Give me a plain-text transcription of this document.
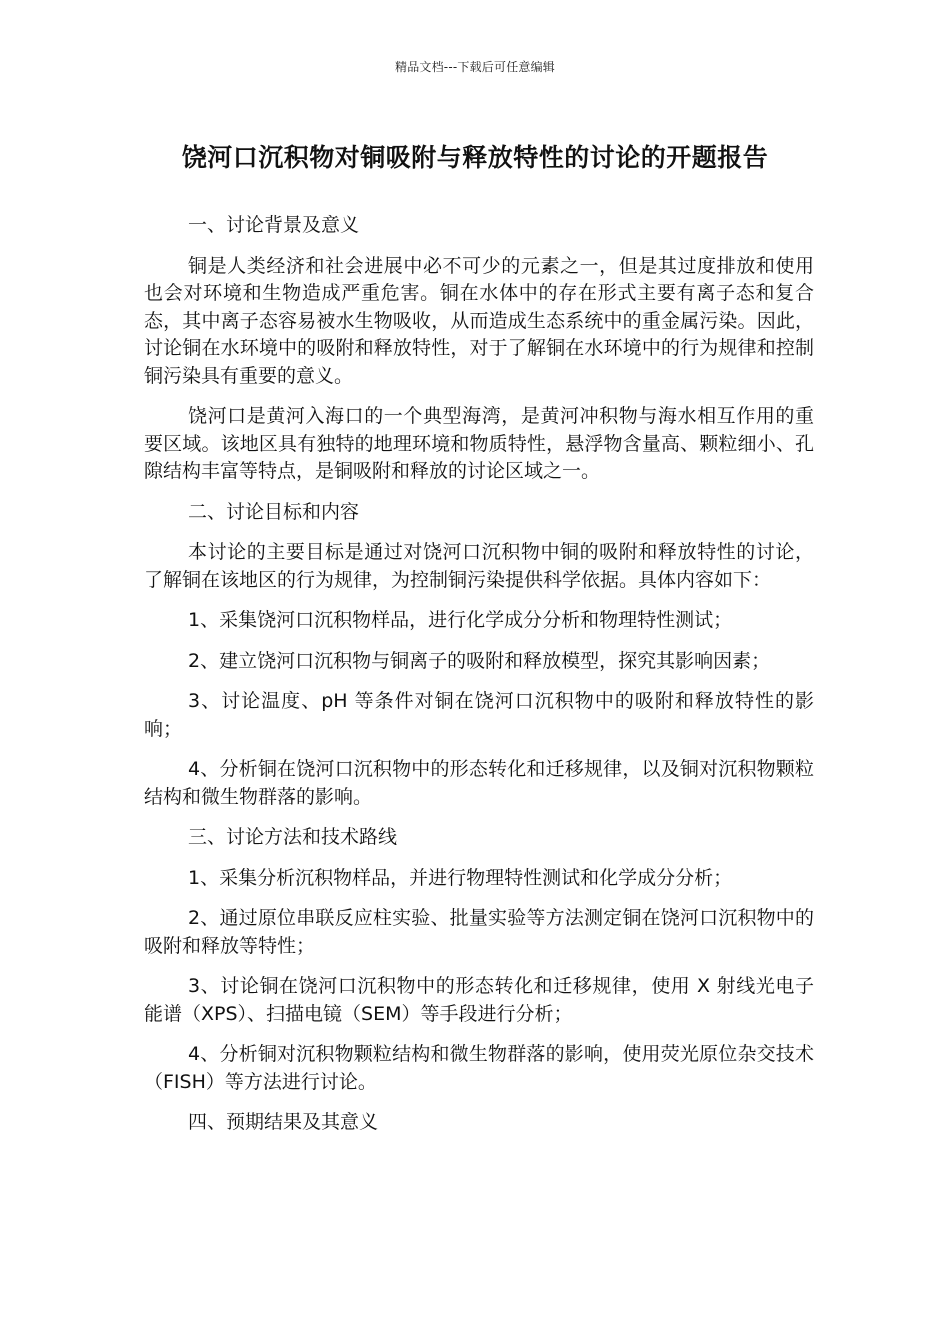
精品文档---下载后可任意编辑
饶河口沉积物对铜吸附与释放特性的讨论的开题报告

一、讨论背景及意义

铜是人类经济和社会进展中必不可少的元素之一，但是其过度排放和使用也会对环境和生物造成严重危害。铜在水体中的存在形式主要有离子态和复合态，其中离子态容易被水生物吸收，从而造成生态系统中的重金属污染。因此，讨论铜在水环境中的吸附和释放特性，对于了解铜在水环境中的行为规律和控制铜污染具有重要的意义。

饶河口是黄河入海口的一个典型海湾，是黄河冲积物与海水相互作用的重要区域。该地区具有独特的地理环境和物质特性，悬浮物含量高、颗粒细小、孔隙结构丰富等特点，是铜吸附和释放的讨论区域之一。

二、讨论目标和内容

本讨论的主要目标是通过对饶河口沉积物中铜的吸附和释放特性的讨论，了解铜在该地区的行为规律，为控制铜污染提供科学依据。具体内容如下：

1、采集饶河口沉积物样品，进行化学成分分析和物理特性测试；

2、建立饶河口沉积物与铜离子的吸附和释放模型，探究其影响因素；

3、讨论温度、pH 等条件对铜在饶河口沉积物中的吸附和释放特性的影响；

4、分析铜在饶河口沉积物中的形态转化和迁移规律，以及铜对沉积物颗粒结构和微生物群落的影响。

三、讨论方法和技术路线

1、采集分析沉积物样品，并进行物理特性测试和化学成分分析；

2、通过原位串联反应柱实验、批量实验等方法测定铜在饶河口沉积物中的吸附和释放等特性；

3、讨论铜在饶河口沉积物中的形态转化和迁移规律，使用 X 射线光电子能谱（XPS）、扫描电镜（SEM）等手段进行分析；

4、分析铜对沉积物颗粒结构和微生物群落的影响，使用荧光原位杂交技术（FISH）等方法进行讨论。

四、预期结果及其意义
